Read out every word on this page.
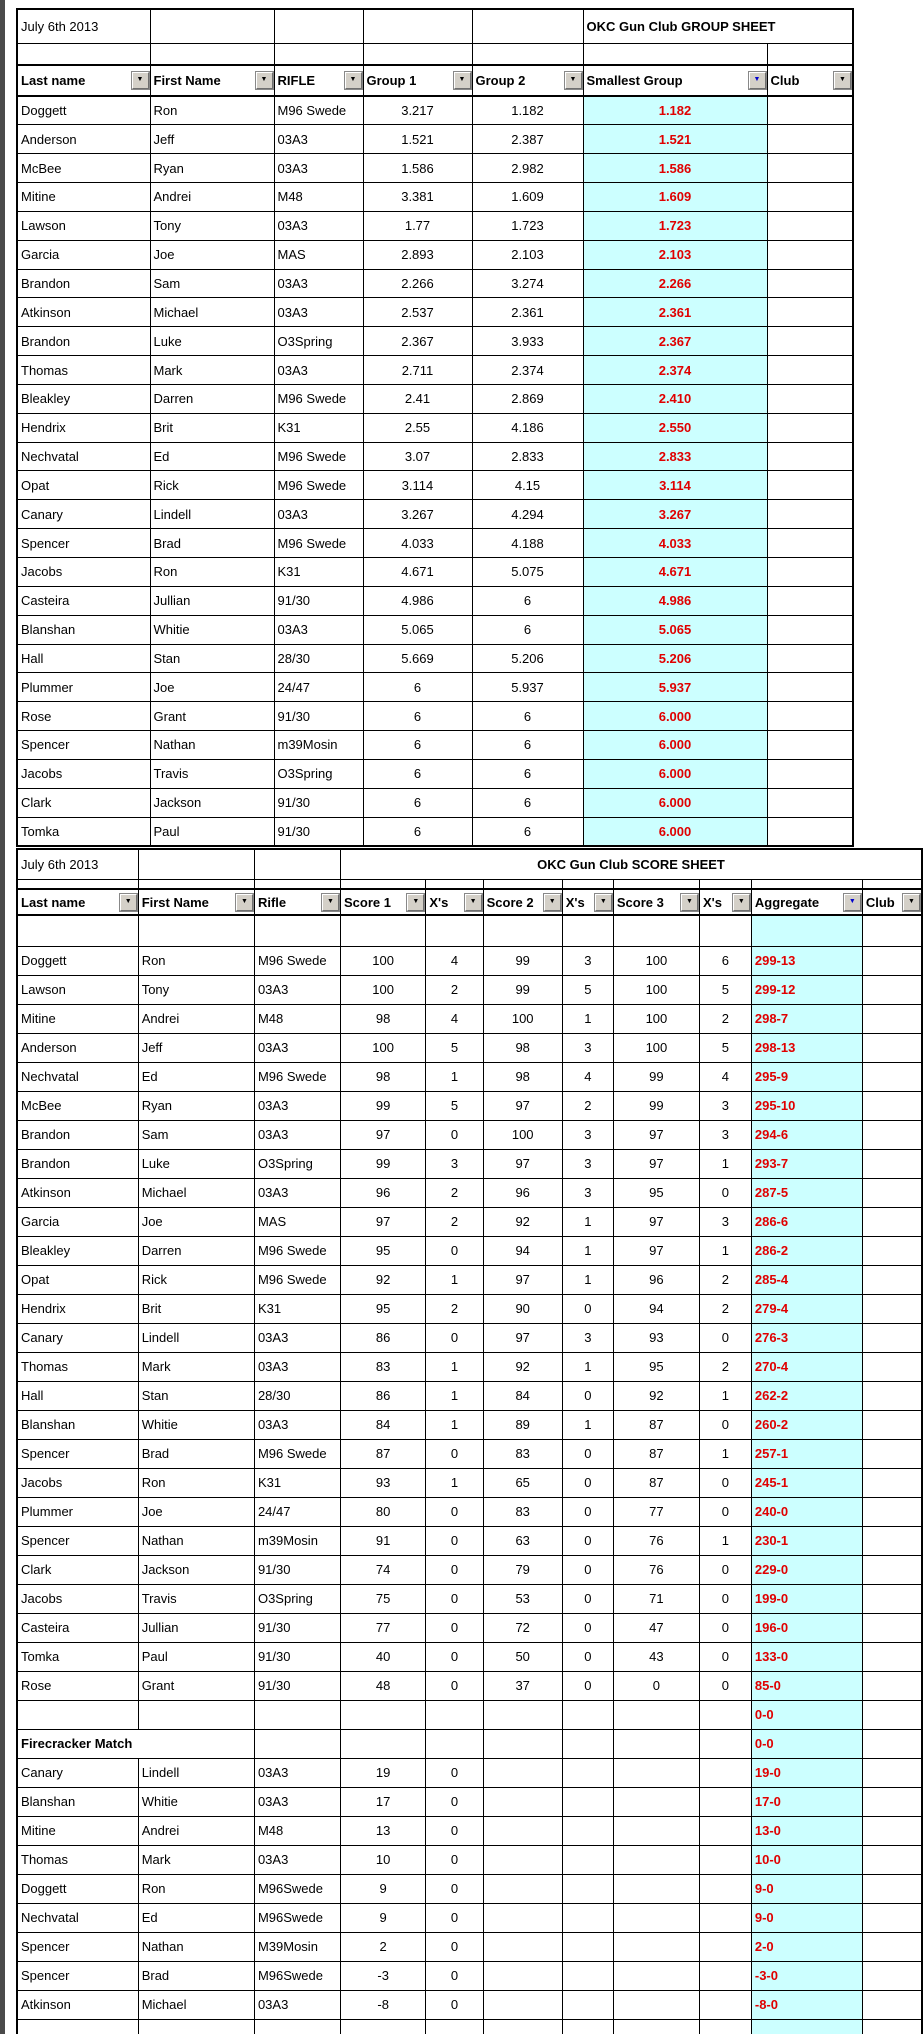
July 6th 2013					OKC Gun Club GROUP SHEET	

Last name ▼	First Name ▼	RIFLE ▼	Group 1 ▼	Group 2 ▼	Smallest Group ▼	Club ▼

Doggett	Ron	M96 Swede	3.217	1.182	1.182	
Anderson	Jeff	03A3	1.521	2.387	1.521	
McBee	Ryan	03A3	1.586	2.982	1.586	
Mitine	Andrei	M48	3.381	1.609	1.609	
Lawson	Tony	03A3	1.77	1.723	1.723	
Garcia	Joe	MAS	2.893	2.103	2.103	
Brandon	Sam	03A3	2.266	3.274	2.266	
Atkinson	Michael	03A3	2.537	2.361	2.361	
Brandon	Luke	O3Spring	2.367	3.933	2.367	
Thomas	Mark	03A3	2.711	2.374	2.374	
Bleakley	Darren	M96 Swede	2.41	2.869	2.410	
Hendrix	Brit	K31	2.55	4.186	2.550	
Nechvatal	Ed	M96 Swede	3.07	2.833	2.833	
Opat	Rick	M96 Swede	3.114	4.15	3.114	
Canary	Lindell	03A3	3.267	4.294	3.267	
Spencer	Brad	M96 Swede	4.033	4.188	4.033	
Jacobs	Ron	K31	4.671	5.075	4.671	
Casteira	Jullian	91/30	4.986	6	4.986	
Blanshan	Whitie	03A3	5.065	6	5.065	
Hall	Stan	28/30	5.669	5.206	5.206	
Plummer	Joe	24/47	6	5.937	5.937	
Rose	Grant	91/30	6	6	6.000	
Spencer	Nathan	m39Mosin	6	6	6.000	
Jacobs	Travis	O3Spring	6	6	6.000	
Clark	Jackson	91/30	6	6	6.000	
Tomka	Paul	91/30	6	6	6.000	
July 6th 2013			OKC Gun Club SCORE SHEET							

Last name ▼	First Name ▼	Rifle ▼	Score 1 ▼	X's ▼	Score 2 ▼	X's ▼	Score 3 ▼	X's ▼	Aggregate ▼	Club ▼

Doggett	Ron	M96 Swede	100	4	99	3	100	6	299-13	
Lawson	Tony	03A3	100	2	99	5	100	5	299-12	
Mitine	Andrei	M48	98	4	100	1	100	2	298-7	
Anderson	Jeff	03A3	100	5	98	3	100	5	298-13	
Nechvatal	Ed	M96 Swede	98	1	98	4	99	4	295-9	
McBee	Ryan	03A3	99	5	97	2	99	3	295-10	
Brandon	Sam	03A3	97	0	100	3	97	3	294-6	
Brandon	Luke	O3Spring	99	3	97	3	97	1	293-7	
Atkinson	Michael	03A3	96	2	96	3	95	0	287-5	
Garcia	Joe	MAS	97	2	92	1	97	3	286-6	
Bleakley	Darren	M96 Swede	95	0	94	1	97	1	286-2	
Opat	Rick	M96 Swede	92	1	97	1	96	2	285-4	
Hendrix	Brit	K31	95	2	90	0	94	2	279-4	
Canary	Lindell	03A3	86	0	97	3	93	0	276-3	
Thomas	Mark	03A3	83	1	92	1	95	2	270-4	
Hall	Stan	28/30	86	1	84	0	92	1	262-2	
Blanshan	Whitie	03A3	84	1	89	1	87	0	260-2	
Spencer	Brad	M96 Swede	87	0	83	0	87	1	257-1	
Jacobs	Ron	K31	93	1	65	0	87	0	245-1	
Plummer	Joe	24/47	80	0	83	0	77	0	240-0	
Spencer	Nathan	m39Mosin	91	0	63	0	76	1	230-1	
Clark	Jackson	91/30	74	0	79	0	76	0	229-0	
Jacobs	Travis	O3Spring	75	0	53	0	71	0	199-0	
Casteira	Jullian	91/30	77	0	72	0	47	0	196-0	
Tomka	Paul	91/30	40	0	50	0	43	0	133-0	
Rose	Grant	91/30	48	0	37	0	0	0	85-0	
									0-0	
Firecracker Match									0-0	
Canary	Lindell	03A3	19	0					19-0	
Blanshan	Whitie	03A3	17	0					17-0	
Mitine	Andrei	M48	13	0					13-0	
Thomas	Mark	03A3	10	0					10-0	
Doggett	Ron	M96Swede	9	0					9-0	
Nechvatal	Ed	M96Swede	9	0					9-0	
Spencer	Nathan	M39Mosin	2	0					2-0	
Spencer	Brad	M96Swede	-3	0					-3-0	
Atkinson	Michael	03A3	-8	0					-8-0	
